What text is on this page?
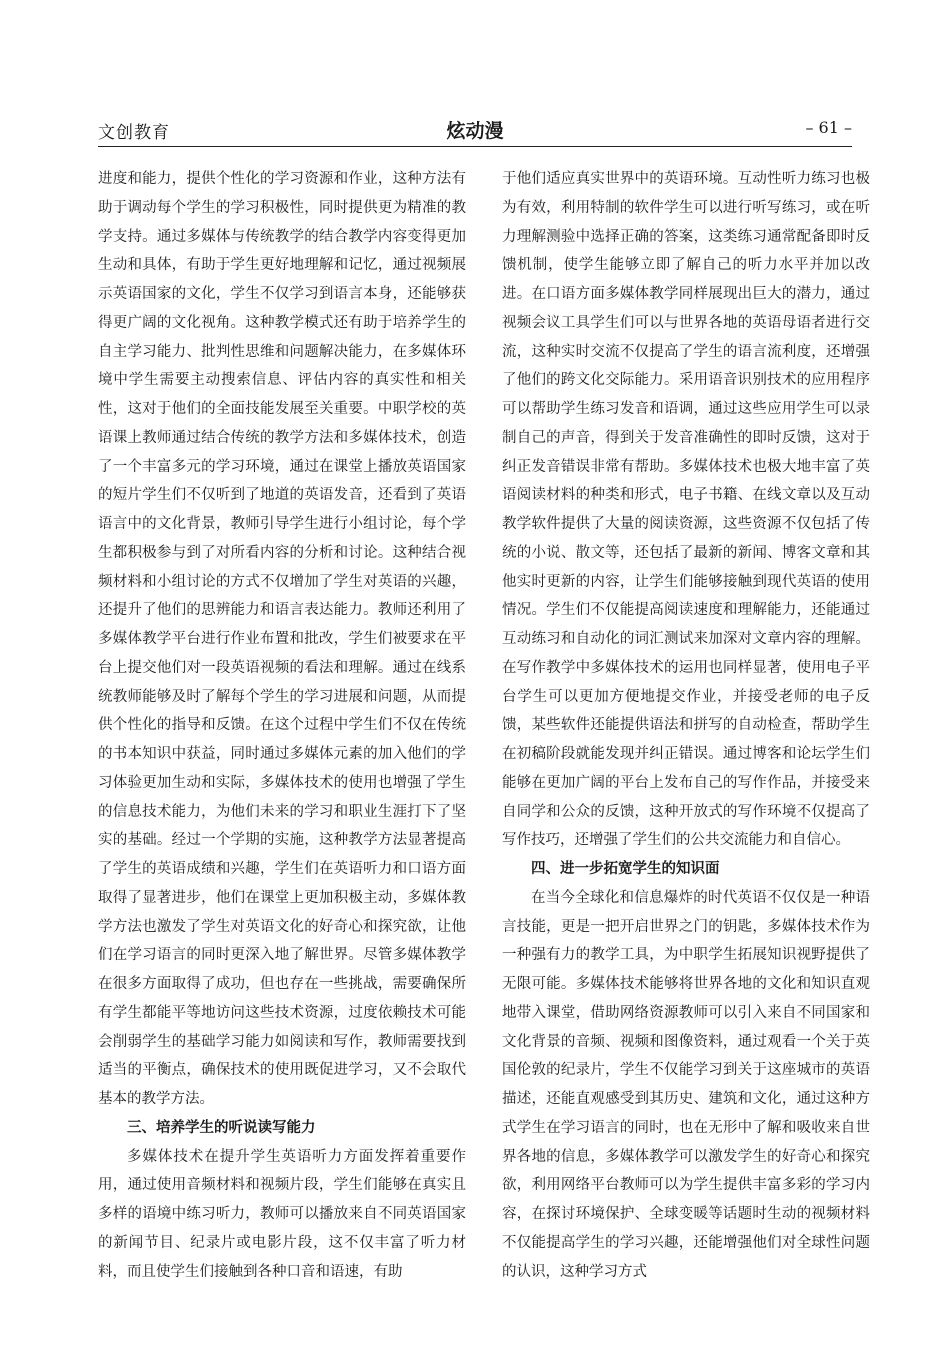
文创教育	炫动漫	– 61 –

进度和能力，提供个性化的学习资源和作业，这种方法有助于调动每个学生的学习积极性，同时提供更为精准的教学支持。通过多媒体与传统教学的结合教学内容变得更加生动和具体，有助于学生更好地理解和记忆，通过视频展示英语国家的文化，学生不仅学习到语言本身，还能够获得更广阔的文化视角。这种教学模式还有助于培养学生的自主学习能力、批判性思维和问题解决能力，在多媒体环境中学生需要主动搜索信息、评估内容的真实性和相关性，这对于他们的全面技能发展至关重要。中职学校的英语课上教师通过结合传统的教学方法和多媒体技术，创造了一个丰富多元的学习环境，通过在课堂上播放英语国家的短片学生们不仅听到了地道的英语发音，还看到了英语语言中的文化背景，教师引导学生进行小组讨论，每个学生都积极参与到了对所看内容的分析和讨论。这种结合视频材料和小组讨论的方式不仅增加了学生对英语的兴趣，还提升了他们的思辨能力和语言表达能力。教师还利用了多媒体教学平台进行作业布置和批改，学生们被要求在平台上提交他们对一段英语视频的看法和理解。通过在线系统教师能够及时了解每个学生的学习进展和问题，从而提供个性化的指导和反馈。在这个过程中学生们不仅在传统的书本知识中获益，同时通过多媒体元素的加入他们的学习体验更加生动和实际，多媒体技术的使用也增强了学生的信息技术能力，为他们未来的学习和职业生涯打下了坚实的基础。经过一个学期的实施，这种教学方法显著提高了学生的英语成绩和兴趣，学生们在英语听力和口语方面取得了显著进步，他们在课堂上更加积极主动，多媒体教学方法也激发了学生对英语文化的好奇心和探究欲，让他们在学习语言的同时更深入地了解世界。尽管多媒体教学在很多方面取得了成功，但也存在一些挑战，需要确保所有学生都能平等地访问这些技术资源，过度依赖技术可能会削弱学生的基础学习能力如阅读和写作，教师需要找到适当的平衡点，确保技术的使用既促进学习，又不会取代基本的教学方法。

三、培养学生的听说读写能力

多媒体技术在提升学生英语听力方面发挥着重要作用，通过使用音频材料和视频片段，学生们能够在真实且多样的语境中练习听力，教师可以播放来自不同英语国家的新闻节目、纪录片或电影片段，这不仅丰富了听力材料，而且使学生们接触到各种口音和语速，有助

于他们适应真实世界中的英语环境。互动性听力练习也极为有效，利用特制的软件学生可以进行听写练习，或在听力理解测验中选择正确的答案，这类练习通常配备即时反馈机制，使学生能够立即了解自己的听力水平并加以改进。在口语方面多媒体教学同样展现出巨大的潜力，通过视频会议工具学生们可以与世界各地的英语母语者进行交流，这种实时交流不仅提高了学生的语言流利度，还增强了他们的跨文化交际能力。采用语音识别技术的应用程序可以帮助学生练习发音和语调，通过这些应用学生可以录制自己的声音，得到关于发音准确性的即时反馈，这对于纠正发音错误非常有帮助。多媒体技术也极大地丰富了英语阅读材料的种类和形式，电子书籍、在线文章以及互动教学软件提供了大量的阅读资源，这些资源不仅包括了传统的小说、散文等，还包括了最新的新闻、博客文章和其他实时更新的内容，让学生们能够接触到现代英语的使用情况。学生们不仅能提高阅读速度和理解能力，还能通过互动练习和自动化的词汇测试来加深对文章内容的理解。在写作教学中多媒体技术的运用也同样显著，使用电子平台学生可以更加方便地提交作业，并接受老师的电子反馈，某些软件还能提供语法和拼写的自动检查，帮助学生在初稿阶段就能发现并纠正错误。通过博客和论坛学生们能够在更加广阔的平台上发布自己的写作作品，并接受来自同学和公众的反馈，这种开放式的写作环境不仅提高了写作技巧，还增强了学生们的公共交流能力和自信心。

四、进一步拓宽学生的知识面

在当今全球化和信息爆炸的时代英语不仅仅是一种语言技能，更是一把开启世界之门的钥匙，多媒体技术作为一种强有力的教学工具，为中职学生拓展知识视野提供了无限可能。多媒体技术能够将世界各地的文化和知识直观地带入课堂，借助网络资源教师可以引入来自不同国家和文化背景的音频、视频和图像资料，通过观看一个关于英国伦敦的纪录片，学生不仅能学习到关于这座城市的英语描述，还能直观感受到其历史、建筑和文化，通过这种方式学生在学习语言的同时，也在无形中了解和吸收来自世界各地的信息，多媒体教学可以激发学生的好奇心和探究欲，利用网络平台教师可以为学生提供丰富多彩的学习内容，在探讨环境保护、全球变暖等话题时生动的视频材料不仅能提高学生的学习兴趣，还能增强他们对全球性问题的认识，这种学习方式
